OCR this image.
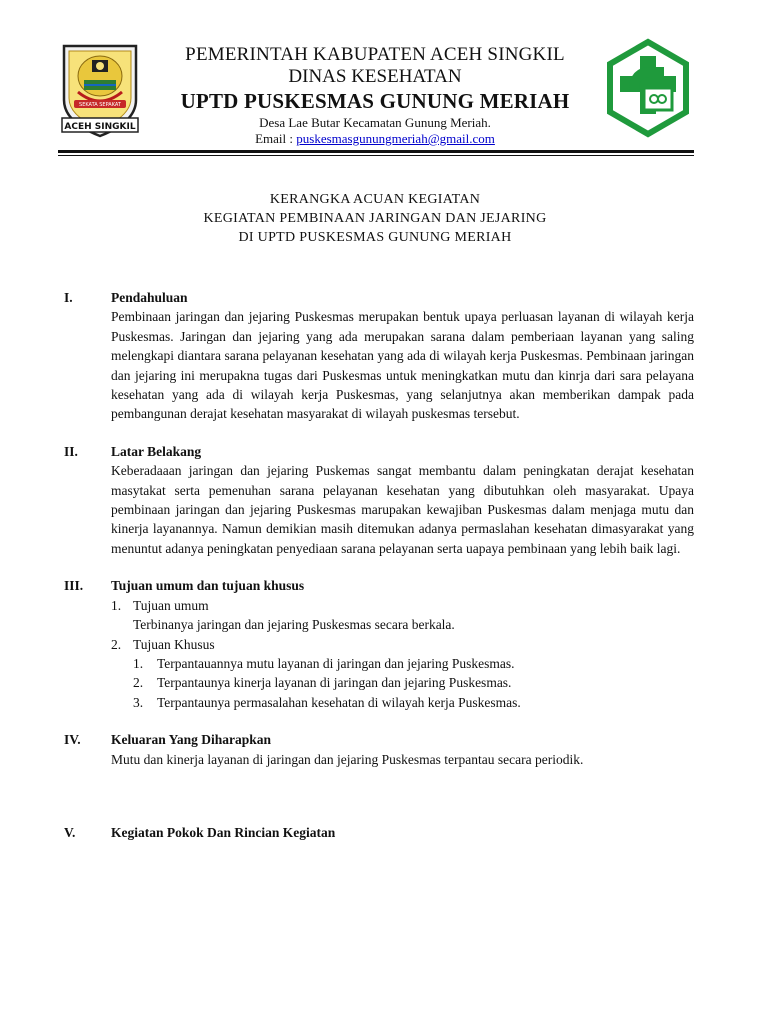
SEKATA SEPAKAT
ACEH SINGKIL
PEMERINTAH KABUPATEN ACEH SINGKIL
DINAS KESEHATAN
UPTD PUSKESMAS GUNUNG MERIAH
Desa Lae Butar Kecamatan Gunung Meriah.
Email : puskesmasgunungmeriah@gmail.com
KERANGKA ACUAN KEGIATAN
KEGIATAN PEMBINAAN JARINGAN DAN JEJARING
DI UPTD PUSKESMAS GUNUNG MERIAH
I.	Pendahuluan
Pembinaan jaringan dan jejaring Puskesmas merupakan bentuk upaya perluasan layanan di wilayah kerja Puskesmas. Jaringan dan jejaring yang ada merupakan sarana dalam pemberiaan layanan yang saling melengkapi diantara sarana pelayanan kesehatan yang ada di wilayah kerja Puskesmas. Pembinaan jaringan dan jejaring ini merupakna tugas dari Puskesmas untuk meningkatkan mutu dan kinrja dari sara pelayana kesehatan yang ada di wilayah kerja Puskesmas, yang selanjutnya akan memberikan dampak pada pembangunan derajat kesehatan masyarakat di wilayah puskesmas tersebut.
II. Latar Belakang
Keberadaaan jaringan dan jejaring Puskemas sangat membantu dalam peningkatan derajat kesehatan masytakat serta pemenuhan sarana pelayanan kesehatan yang dibutuhkan oleh masyarakat. Upaya pembinaan jaringan dan jejaring Puskesmas marupakan kewajiban Puskesmas dalam menjaga mutu dan kinerja layanannya. Namun demikian masih ditemukan adanya permaslahan kesehatan dimasyarakat yang menuntut adanya peningkatan penyediaan sarana pelayanan serta uapaya pembinaan yang lebih baik lagi.
III. Tujuan umum dan tujuan khusus
1. Tujuan umum
Terbinanya jaringan dan jejaring Puskesmas secara berkala.
2. Tujuan Khusus
1. Terpantauannya mutu layanan di jaringan dan jejaring Puskesmas.
2. Terpantaunya kinerja layanan di jaringan dan jejaring Puskesmas.
3. Terpantaunya permasalahan kesehatan di wilayah kerja Puskesmas.
IV. Keluaran Yang Diharapkan
Mutu dan kinerja layanan di jaringan dan jejaring Puskesmas terpantau secara periodik.
V.	Kegiatan Pokok Dan Rincian Kegiatan
